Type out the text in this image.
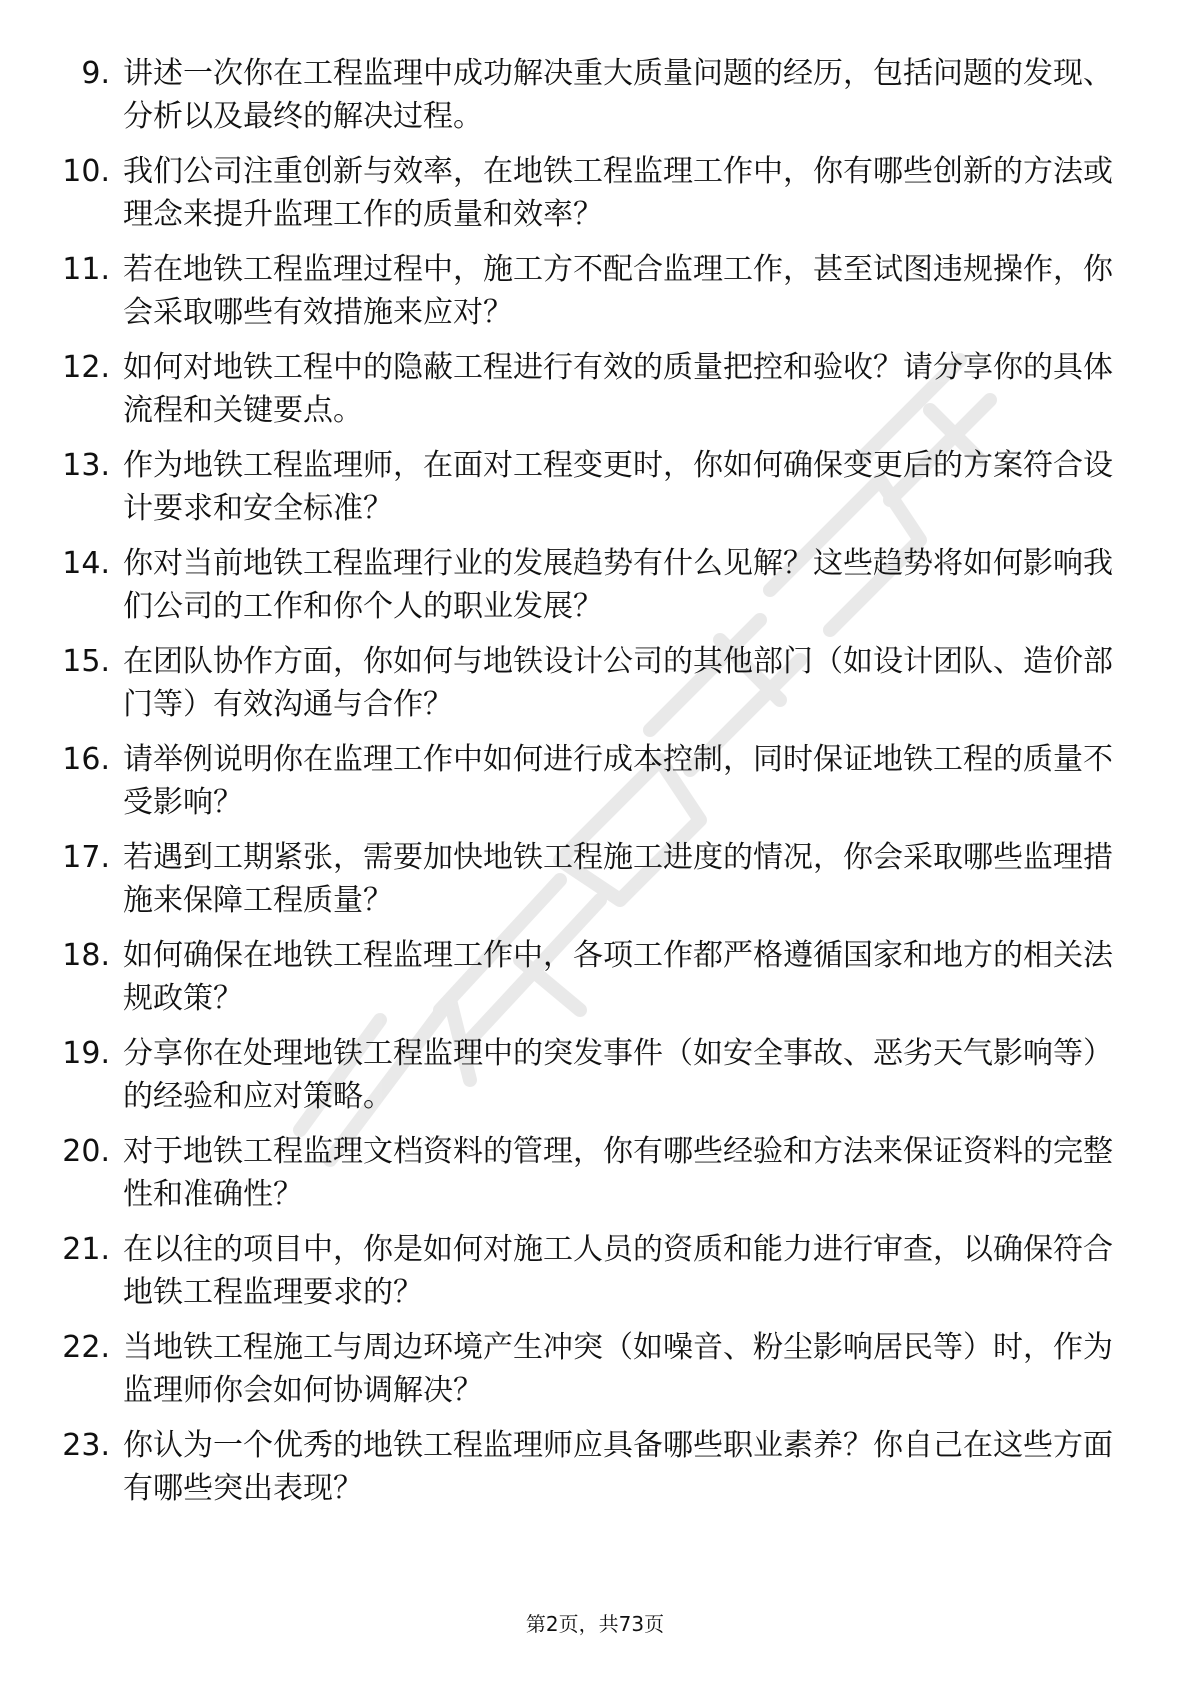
9. 讲述一次你在工程监理中成功解决重大质量问题的经历，包括问题的发现、分析以及最终的解决过程。
10. 我们公司注重创新与效率，在地铁工程监理工作中，你有哪些创新的方法或理念来提升监理工作的质量和效率？
11. 若在地铁工程监理过程中，施工方不配合监理工作，甚至试图违规操作，你会采取哪些有效措施来应对？
12. 如何对地铁工程中的隐蔽工程进行有效的质量把控和验收？请分享你的具体流程和关键要点。
13. 作为地铁工程监理师，在面对工程变更时，你如何确保变更后的方案符合设计要求和安全标准？
14. 你对当前地铁工程监理行业的发展趋势有什么见解？这些趋势将如何影响我们公司的工作和你个人的职业发展？
15. 在团队协作方面，你如何与地铁设计公司的其他部门（如设计团队、造价部门等）有效沟通与合作？
16. 请举例说明你在监理工作中如何进行成本控制，同时保证地铁工程的质量不受影响？
17. 若遇到工期紧张，需要加快地铁工程施工进度的情况，你会采取哪些监理措施来保障工程质量？
18. 如何确保在地铁工程监理工作中，各项工作都严格遵循国家和地方的相关法规政策？
19. 分享你在处理地铁工程监理中的突发事件（如安全事故、恶劣天气影响等）的经验和应对策略。
20. 对于地铁工程监理文档资料的管理，你有哪些经验和方法来保证资料的完整性和准确性？
21. 在以往的项目中，你是如何对施工人员的资质和能力进行审查，以确保符合地铁工程监理要求的？
22. 当地铁工程施工与周边环境产生冲突（如噪音、粉尘影响居民等）时，作为监理师你会如何协调解决？
23. 你认为一个优秀的地铁工程监理师应具备哪些职业素养？你自己在这些方面有哪些突出表现？
第2页，共73页
